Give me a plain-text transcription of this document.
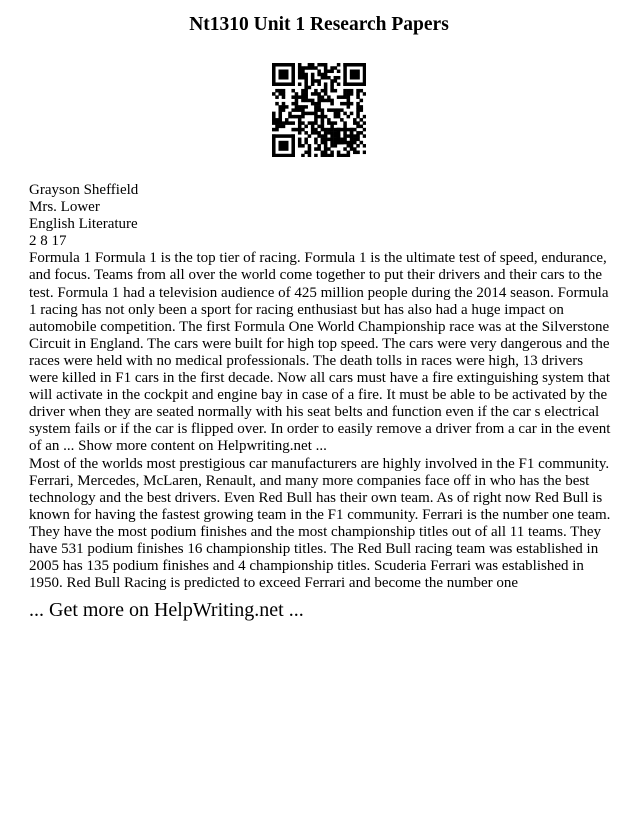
Nt1310 Unit 1 Research Papers
Grayson Sheffield
Mrs. Lower
English Literature
2 8 17

Formula 1 Formula 1 is the top tier of racing. Formula 1 is the ultimate test of speed, endurance, and focus. Teams from all over the world come together to put their drivers and their cars to the test. Formula 1 had a television audience of 425 million people during the 2014 season. Formula 1 racing has not only been a sport for racing enthusiast but has also had a huge impact on automobile competition. The first Formula One World Championship race was at the Silverstone Circuit in England. The cars were built for high top speed. The cars were very dangerous and the races were held with no medical professionals. The death tolls in races were high, 13 drivers were killed in F1 cars in the first decade. Now all cars must have a fire extinguishing system that will activate in the cockpit and engine bay in case of a fire. It must be able to be activated by the driver when they are seated normally with his seat belts and function even if the car s electrical system fails or if the car is flipped over. In order to easily remove a driver from a car in the event of an ... Show more content on Helpwriting.net ...

Most of the worlds most prestigious car manufacturers are highly involved in the F1 community. Ferrari, Mercedes, McLaren, Renault, and many more companies face off in who has the best technology and the best drivers. Even Red Bull has their own team. As of right now Red Bull is known for having the fastest growing team in the F1 community. Ferrari is the number one team. They have the most podium finishes and the most championship titles out of all 11 teams. They have 531 podium finishes 16 championship titles. The Red Bull racing team was established in 2005 has 135 podium finishes and 4 championship titles. Scuderia Ferrari was established in 1950. Red Bull Racing is predicted to exceed Ferrari and become the number one

... Get more on HelpWriting.net ...
